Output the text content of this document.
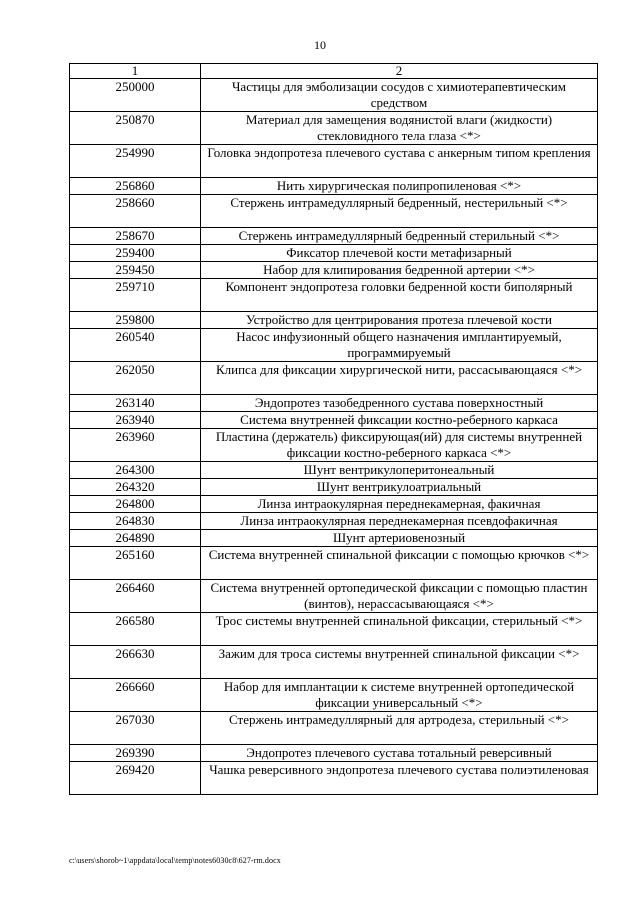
10
1	2
250000	Частицы для эмболизации сосудов с химиотерапевтическим средством
250870	Материал для замещения водянистой влаги (жидкости) стекловидного тела глаза <*>
254990	Головка эндопротеза плечевого сустава с анкерным типом крепления
256860	Нить хирургическая полипропиленовая <*>
258660	Стержень интрамедуллярный бедренный, нестерильный <*>
258670	Стержень интрамедуллярный бедренный стерильный <*>
259400	Фиксатор плечевой кости метафизарный
259450	Набор для клипирования бедренной артерии <*>
259710	Компонент эндопротеза головки бедренной кости биполярный
259800	Устройство для центрирования протеза плечевой кости
260540	Насос инфузионный общего назначения имплантируемый, программируемый
262050	Клипса для фиксации хирургической нити, рассасывающаяся <*>
263140	Эндопротез тазобедренного сустава поверхностный
263940	Система внутренней фиксации костно-реберного каркаса
263960	Пластина (держатель) фиксирующая(ий) для системы внутренней фиксации костно-реберного каркаса <*>
264300	Шунт вентрикулоперитонеальный
264320	Шунт вентрикулоатриальный
264800	Линза интраокулярная переднекамерная, факичная
264830	Линза интраокулярная переднекамерная псевдофакичная
264890	Шунт артериовенозный
265160	Система внутренней спинальной фиксации с помощью крючков <*>
266460	Система внутренней ортопедической фиксации с помощью пластин (винтов), нерассасывающаяся <*>
266580	Трос системы внутренней спинальной фиксации, стерильный <*>
266630	Зажим для троса системы внутренней спинальной фиксации <*>
266660	Набор для имплантации к системе внутренней ортопедической фиксации универсальный <*>
267030	Стержень интрамедуллярный для артродеза, стерильный <*>
269390	Эндопротез плечевого сустава тотальный реверсивный
269420	Чашка реверсивного эндопротеза плечевого сустава полиэтиленовая
c:\users\shorob~1\appdata\local\temp\notes6030c8\627-rm.docx
